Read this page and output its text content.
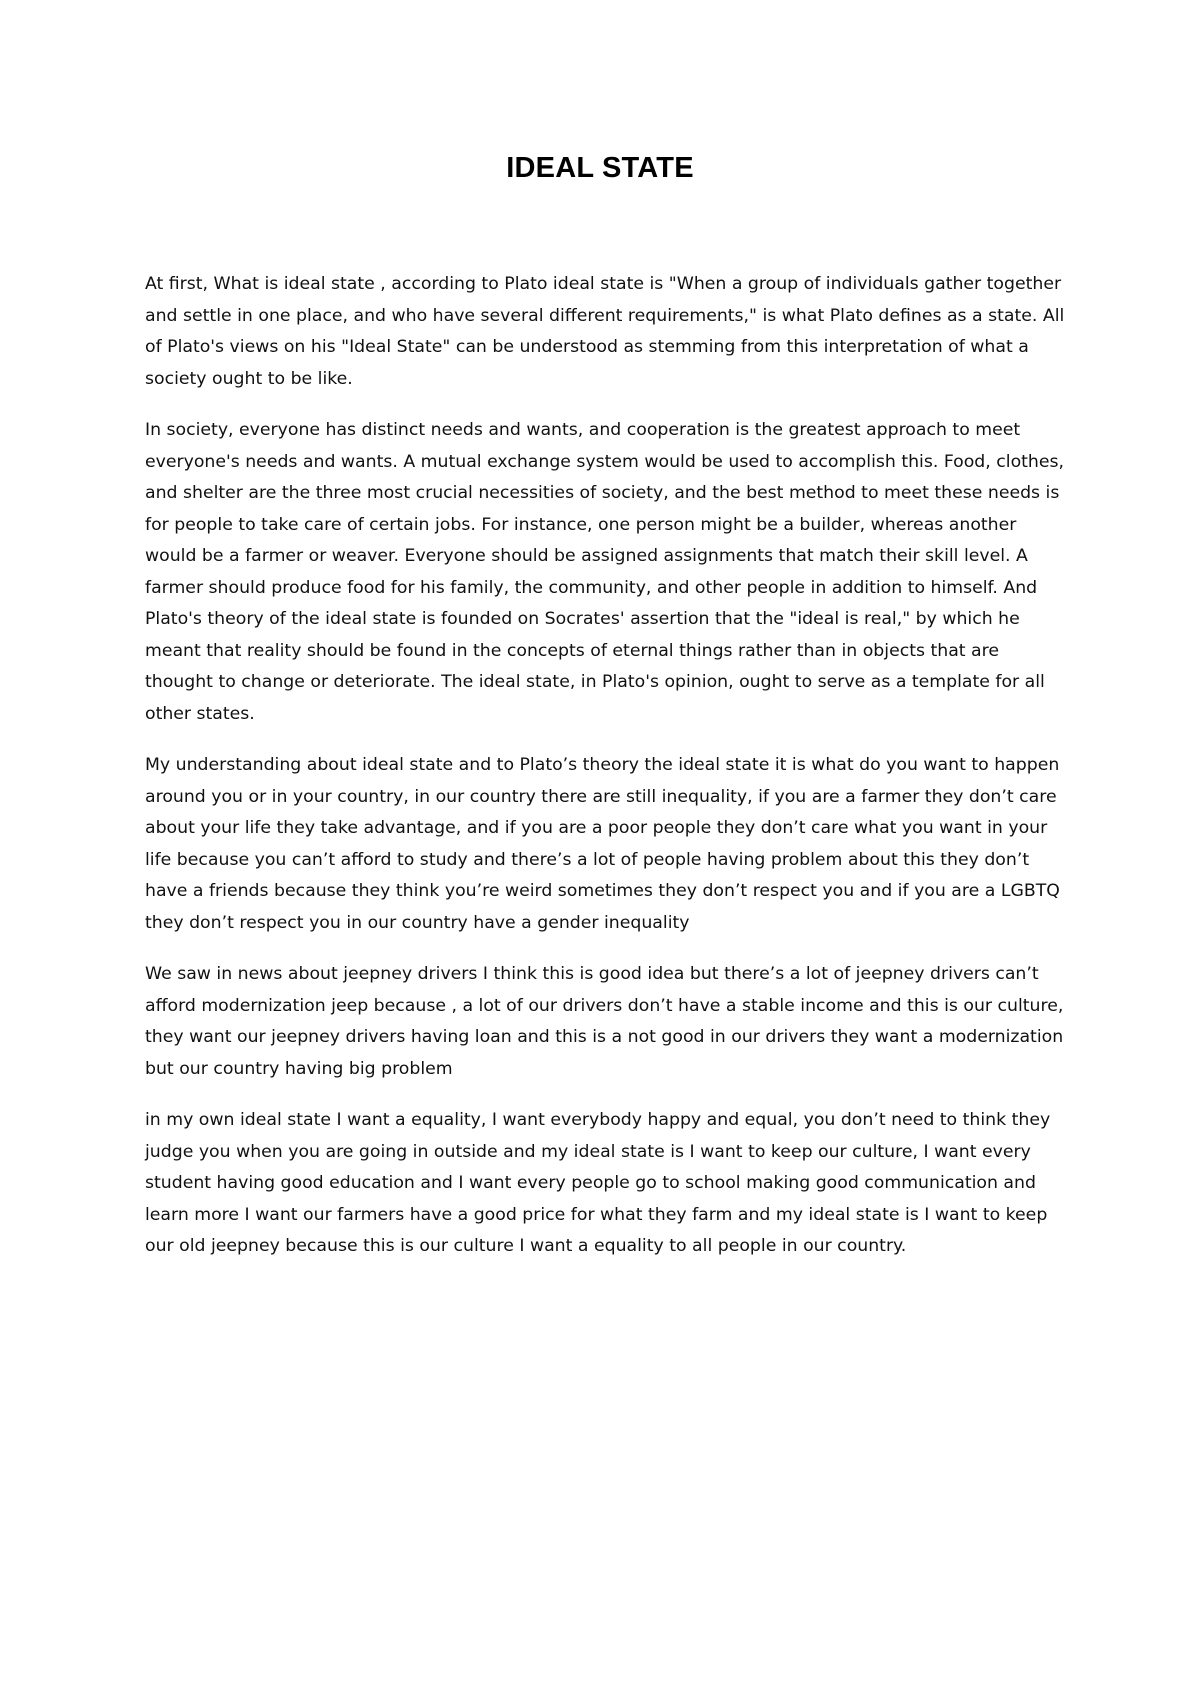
IDEAL STATE

At first, What is ideal state , according to Plato ideal state is "When a group of individuals gather together and settle in one place, and who have several different requirements," is what Plato defines as a state. All of Plato's views on his "Ideal State" can be understood as stemming from this interpretation of what a society ought to be like.

In society, everyone has distinct needs and wants, and cooperation is the greatest approach to meet everyone's needs and wants. A mutual exchange system would be used to accomplish this. Food, clothes, and shelter are the three most crucial necessities of society, and the best method to meet these needs is for people to take care of certain jobs. For instance, one person might be a builder, whereas another would be a farmer or weaver. Everyone should be assigned assignments that match their skill level. A farmer should produce food for his family, the community, and other people in addition to himself. And Plato's theory of the ideal state is founded on Socrates' assertion that the "ideal is real," by which he meant that reality should be found in the concepts of eternal things rather than in objects that are thought to change or deteriorate. The ideal state, in Plato's opinion, ought to serve as a template for all other states.

My understanding about ideal state and to Plato’s theory the ideal state it is what do you want to happen around you or in your country, in our country there are still inequality, if you are a farmer they don’t care about your life they take advantage, and if you are a poor people they don’t care what you want in your life because you can’t afford to study and there’s a lot of people having problem about this they don’t have a friends because they think you’re weird sometimes they don’t respect you and if you are a LGBTQ they don’t respect you in our country have a gender inequality

We saw in news about jeepney drivers I think this is good idea but there’s a lot of jeepney drivers can’t afford modernization jeep because , a lot of our drivers don’t have a stable income and this is our culture, they want our jeepney drivers having loan and this is a not good in our drivers they want a modernization but our country having big problem

in my own ideal state I want a equality, I want everybody happy and equal, you don’t need to think they judge you when you are going in outside and my ideal state is I want to keep our culture, I want every student having good education and I want every people go to school making good communication and learn more I want our farmers have a good price for what they farm and my ideal state is I want to keep our old jeepney because this is our culture I want a equality to all people in our country.
